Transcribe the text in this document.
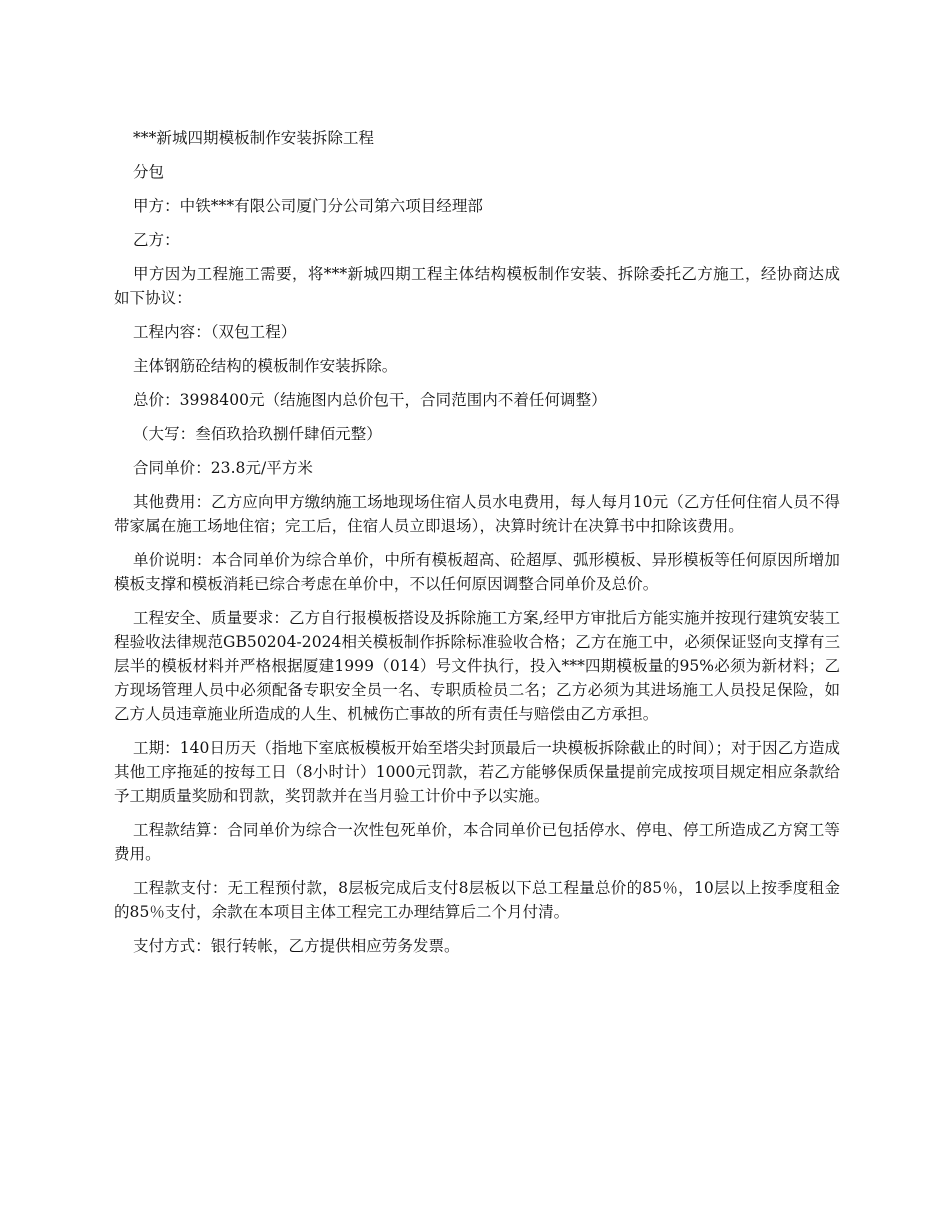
***新城四期模板制作安装拆除工程

分包

甲方：中铁***有限公司厦门分公司第六项目经理部

乙方：

甲方因为工程施工需要，将***新城四期工程主体结构模板制作安装、拆除委托乙方施工，经协商达成如下协议：

工程内容：（双包工程）

主体钢筋砼结构的模板制作安装拆除。

总价：3998400元（结施图内总价包干，合同范围内不着任何调整）

（大写：叁佰玖拾玖捌仟肆佰元整）

合同单价：23.8元/平方米

其他费用：乙方应向甲方缴纳施工场地现场住宿人员水电费用，每人每月10元（乙方任何住宿人员不得带家属在施工场地住宿；完工后，住宿人员立即退场），决算时统计在决算书中扣除该费用。

单价说明：本合同单价为综合单价，中所有模板超高、砼超厚、弧形模板、异形模板等任何原因所增加模板支撑和模板消耗已综合考虑在单价中，不以任何原因调整合同单价及总价。

工程安全、质量要求：乙方自行报模板搭设及拆除施工方案,经甲方审批后方能实施并按现行建筑安装工程验收法律规范GB50204-2024相关模板制作拆除标准验收合格；乙方在施工中，必须保证竖向支撑有三层半的模板材料并严格根据厦建1999（014）号文件执行，投入***四期模板量的95%必须为新材料；乙方现场管理人员中必须配备专职安全员一名、专职质检员二名；乙方必须为其进场施工人员投足保险，如乙方人员违章施业所造成的人生、机械伤亡事故的所有责任与赔偿由乙方承担。

工期：140日历天（指地下室底板模板开始至塔尖封顶最后一块模板拆除截止的时间）；对于因乙方造成其他工序拖延的按每工日（8小时计）1000元罚款，若乙方能够保质保量提前完成按项目规定相应条款给予工期质量奖励和罚款，奖罚款并在当月验工计价中予以实施。

工程款结算：合同单价为综合一次性包死单价，本合同单价已包括停水、停电、停工所造成乙方窝工等费用。

工程款支付：无工程预付款，8层板完成后支付8层板以下总工程量总价的85％，10层以上按季度租金的85％支付，余款在本项目主体工程完工办理结算后二个月付清。

支付方式：银行转帐，乙方提供相应劳务发票。
